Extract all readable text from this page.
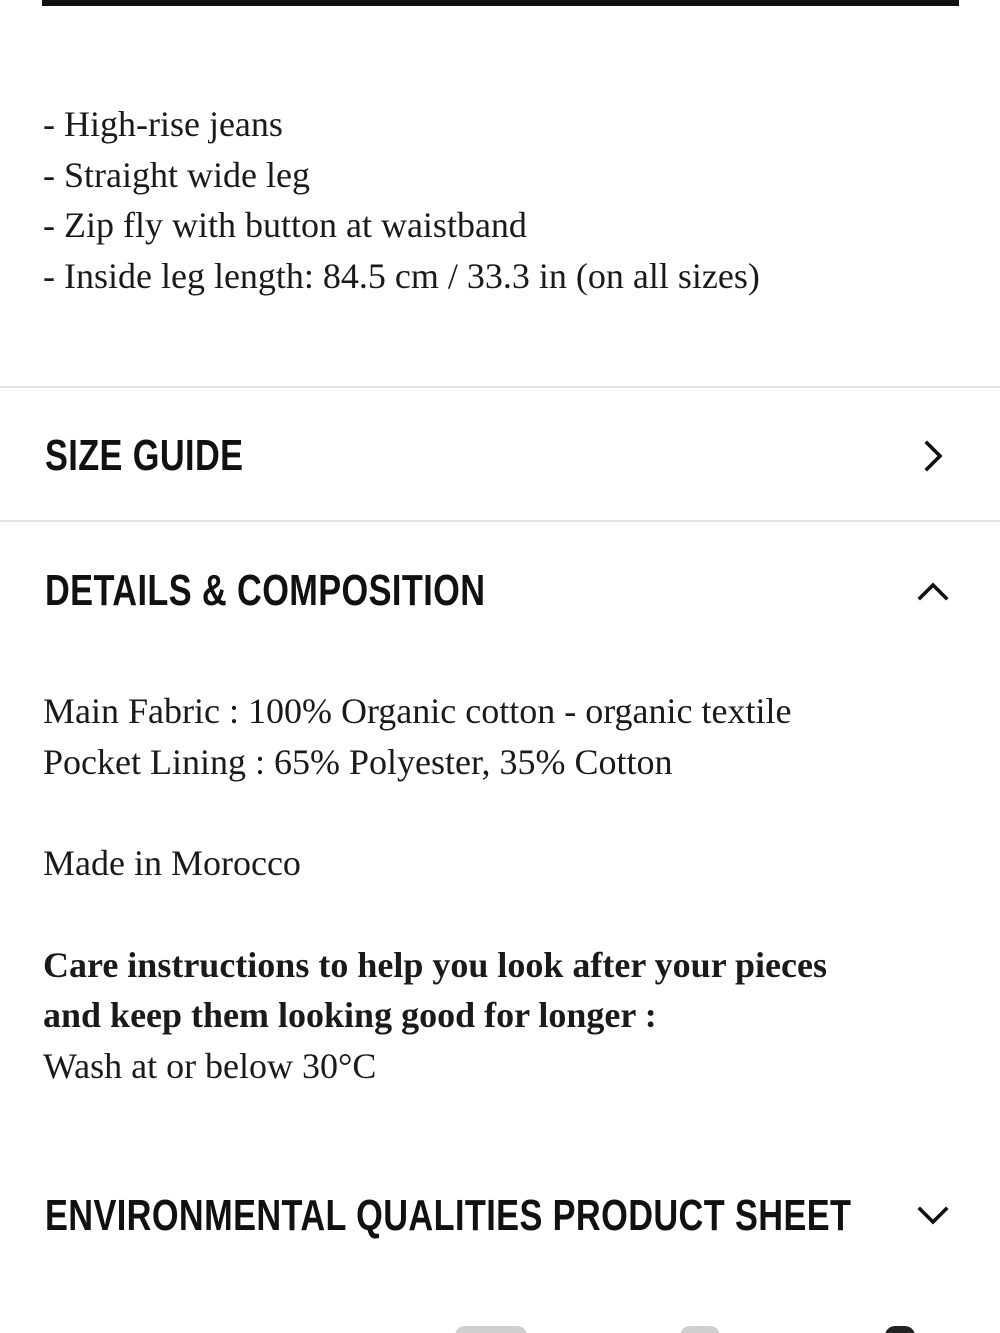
- High-rise jeans
- Straight wide leg
- Zip fly with button at waistband
- Inside leg length: 84.5 cm / 33.3 in (on all sizes)
SIZE GUIDE
DETAILS & COMPOSITION

Main Fabric : 100% Organic cotton - organic textile

Pocket Lining : 65% Polyester, 35% Cotton

Made in Morocco

Care instructions to help you look after your pieces

and keep them looking good for longer :

Wash at or below 30°C

ENVIRONMENTAL QUALITIES PRODUCT SHEET
